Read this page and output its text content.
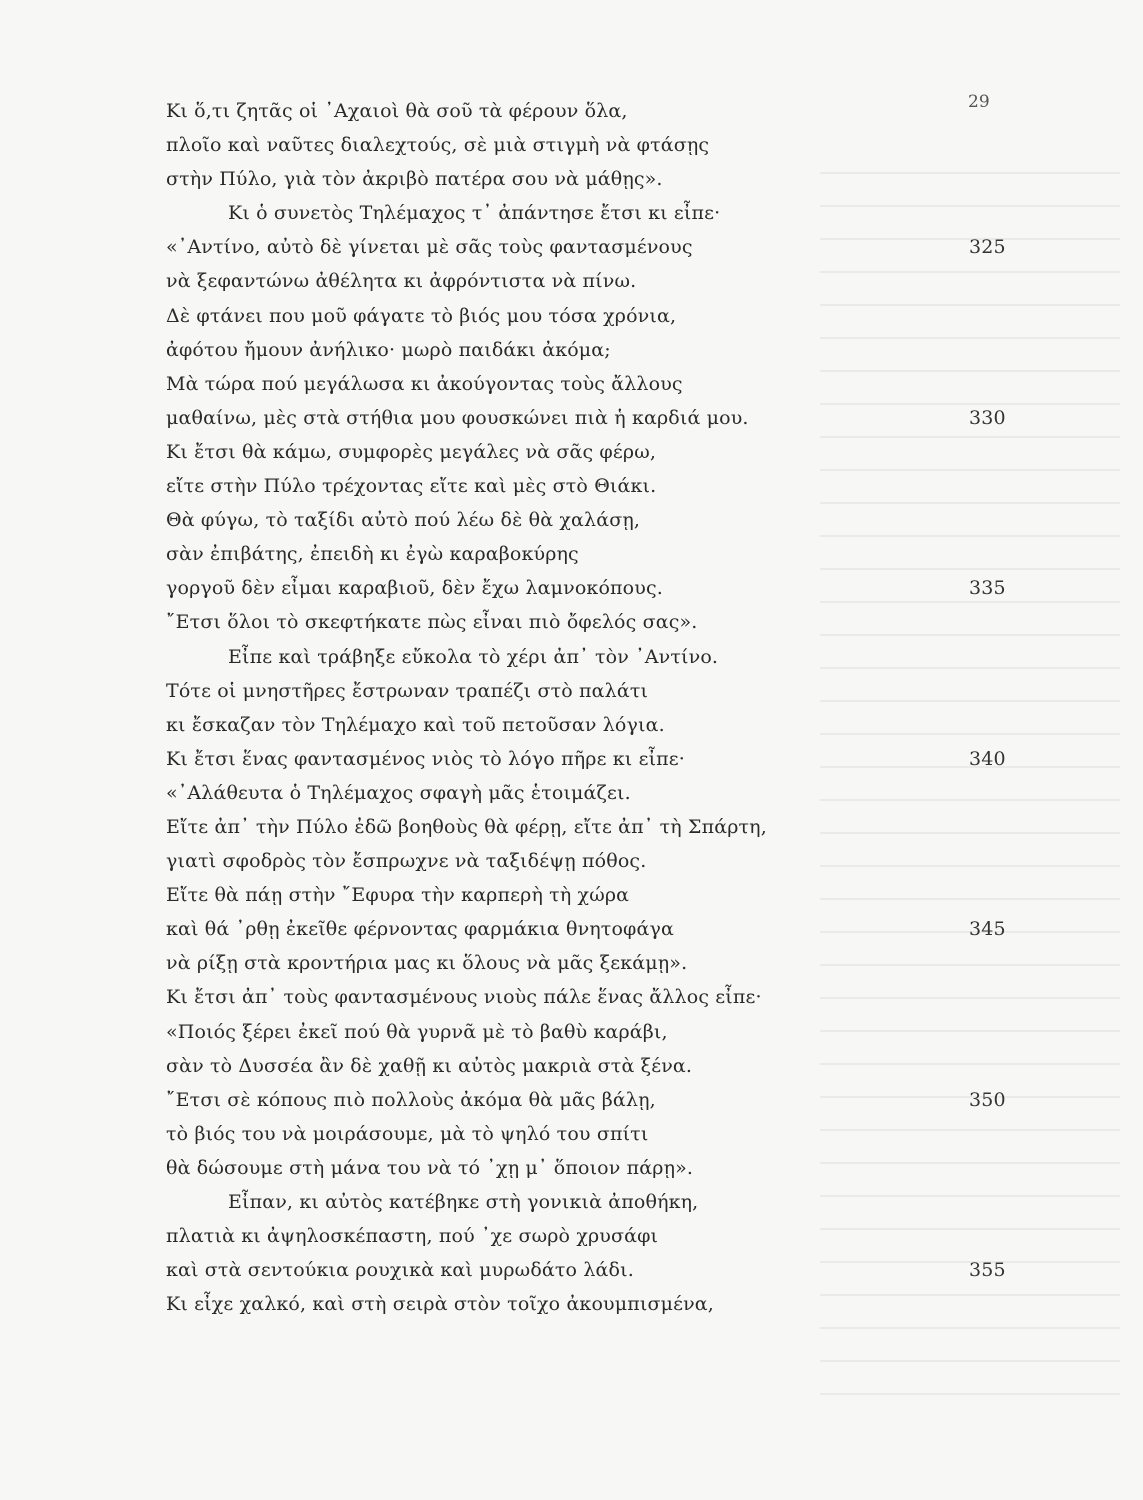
29
Κι ὅ,τι ζητᾶς οἱ ᾿Αχαιοὶ θὰ σοῦ τὰ φέρουν ὅλα,
πλοῖο καὶ ναῦτες διαλεχτούς, σὲ μιὰ στιγμὴ νὰ φτάσῃς
στὴν Πύλο, γιὰ τὸν ἀκριβὸ πατέρα σου νὰ μάθῃς».
Κι ὁ συνετὸς Τηλέμαχος τ᾿ ἀπάντησε ἔτσι κι εἶπε·
«᾿Αντίνο, αὐτὸ δὲ γίνεται μὲ σᾶς τοὺς φαντασμένους	325
νὰ ξεφαντώνω ἀθέλητα κι ἀφρόντιστα νὰ πίνω.
Δὲ φτάνει που μοῦ φάγατε τὸ βιός μου τόσα χρόνια,
ἀφότου ἤμουν ἀνήλικο· μωρὸ παιδάκι ἀκόμα;
Μὰ τώρα πού μεγάλωσα κι ἀκούγοντας τοὺς ἄλλους
μαθαίνω, μὲς στὰ στήθια μου φουσκώνει πιὰ ἡ καρδιά μου.	330
Κι ἔτσι θὰ κάμω, συμφορὲς μεγάλες νὰ σᾶς φέρω,
εἴτε στὴν Πύλο τρέχοντας εἴτε καὶ μὲς στὸ Θιάκι.
Θὰ φύγω, τὸ ταξίδι αὐτὸ πού λέω δὲ θὰ χαλάσῃ,
σὰν ἐπιβάτης, ἐπειδὴ κι ἐγὼ καραβοκύρης
γοργοῦ δὲν εἶμαι καραβιοῦ, δὲν ἔχω λαμνοκόπους.	335
῎Ετσι ὅλοι τὸ σκεφτήκατε πὼς εἶναι πιὸ ὄφελός σας».
Εἶπε καὶ τράβηξε εὔκολα τὸ χέρι ἀπ᾿ τὸν ᾿Αντίνο.
Τότε οἱ μνηστῆρες ἔστρωναν τραπέζι στὸ παλάτι
κι ἔσκαζαν τὸν Τηλέμαχο καὶ τοῦ πετοῦσαν λόγια.
Κι ἔτσι ἕνας φαντασμένος νιὸς τὸ λόγο πῆρε κι εἶπε·	340
«᾿Αλάθευτα ὁ Τηλέμαχος σφαγὴ μᾶς ἑτοιμάζει.
Εἴτε ἀπ᾿ τὴν Πύλο ἐδῶ βοηθοὺς θὰ φέρῃ, εἴτε ἀπ᾿ τὴ Σπάρτη,
γιατὶ σφοδρὸς τὸν ἔσπρωχνε νὰ ταξιδέψῃ πόθος.
Εἴτε θὰ πάῃ στὴν ῎Εφυρα τὴν καρπερὴ τὴ χώρα
καὶ θά ᾿ρθῃ ἐκεῖθε φέρνοντας φαρμάκια θνητοφάγα	345
νὰ ρίξῃ στὰ κροντήρια μας κι ὅλους νὰ μᾶς ξεκάμῃ».
Κι ἔτσι ἀπ᾿ τοὺς φαντασμένους νιοὺς πάλε ἕνας ἄλλος εἶπε·
«Ποιός ξέρει ἐκεῖ πού θὰ γυρνᾶ μὲ τὸ βαθὺ καράβι,
σὰν τὸ Δυσσέα ἂν δὲ χαθῇ κι αὐτὸς μακριὰ στὰ ξένα.
῎Ετσι σὲ κόπους πιὸ πολλοὺς ἀκόμα θὰ μᾶς βάλῃ,	350
τὸ βιός του νὰ μοιράσουμε, μὰ τὸ ψηλό του σπίτι
θὰ δώσουμε στὴ μάνα του νὰ τό ᾿χῃ μ᾿ ὅποιον πάρῃ».
Εἶπαν, κι αὐτὸς κατέβηκε στὴ γονικιὰ ἀποθήκη,
πλατιὰ κι ἀψηλοσκέπαστη, πού ᾿χε σωρὸ χρυσάφι
καὶ στὰ σεντούκια ρουχικὰ καὶ μυρωδάτο λάδι.	355
Κι εἶχε χαλκό, καὶ στὴ σειρὰ στὸν τοῖχο ἀκουμπισμένα,
